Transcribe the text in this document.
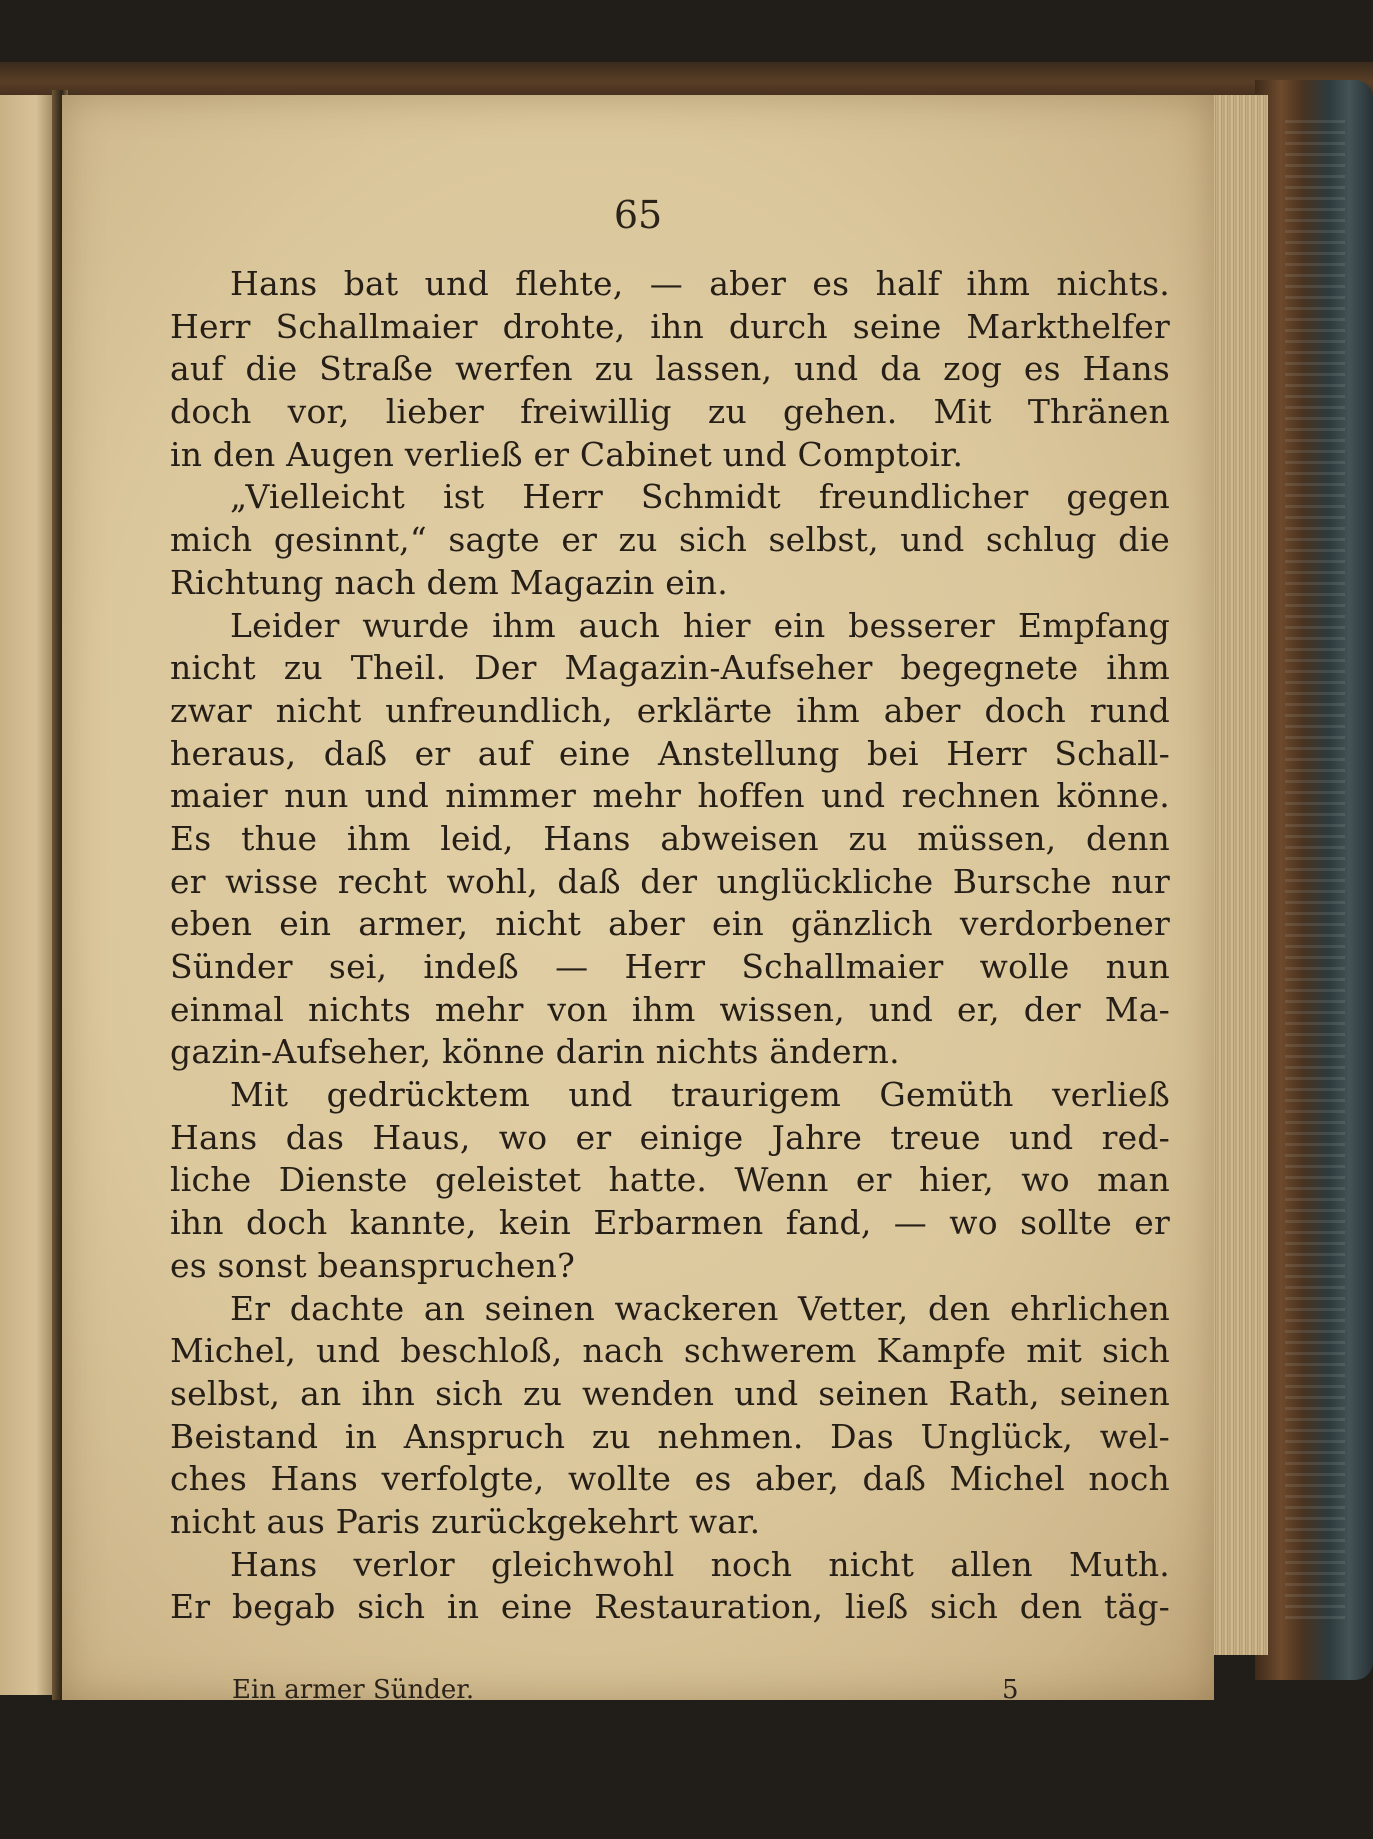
65
Hans bat und flehte, — aber es half ihm nichts.
Herr Schallmaier drohte, ihn durch seine Markthelfer
auf die Straße werfen zu lassen, und da zog es Hans
doch vor, lieber freiwillig zu gehen. Mit Thränen
in den Augen verließ er Cabinet und Comptoir.
„Vielleicht ist Herr Schmidt freundlicher gegen
mich gesinnt,“ sagte er zu sich selbst, und schlug die
Richtung nach dem Magazin ein.
Leider wurde ihm auch hier ein besserer Empfang
nicht zu Theil. Der Magazin-Aufseher begegnete ihm
zwar nicht unfreundlich, erklärte ihm aber doch rund
heraus, daß er auf eine Anstellung bei Herr Schall-
maier nun und nimmer mehr hoffen und rechnen könne.
Es thue ihm leid, Hans abweisen zu müssen, denn
er wisse recht wohl, daß der unglückliche Bursche nur
eben ein armer, nicht aber ein gänzlich verdorbener
Sünder sei, indeß — Herr Schallmaier wolle nun
einmal nichts mehr von ihm wissen, und er, der Ma-
gazin-Aufseher, könne darin nichts ändern.
Mit gedrücktem und traurigem Gemüth verließ
Hans das Haus, wo er einige Jahre treue und red-
liche Dienste geleistet hatte. Wenn er hier, wo man
ihn doch kannte, kein Erbarmen fand, — wo sollte er
es sonst beanspruchen?
Er dachte an seinen wackeren Vetter, den ehrlichen
Michel, und beschloß, nach schwerem Kampfe mit sich
selbst, an ihn sich zu wenden und seinen Rath, seinen
Beistand in Anspruch zu nehmen. Das Unglück, wel-
ches Hans verfolgte, wollte es aber, daß Michel noch
nicht aus Paris zurückgekehrt war.
Hans verlor gleichwohl noch nicht allen Muth.
Er begab sich in eine Restauration, ließ sich den täg-
Ein armer Sünder.	5
